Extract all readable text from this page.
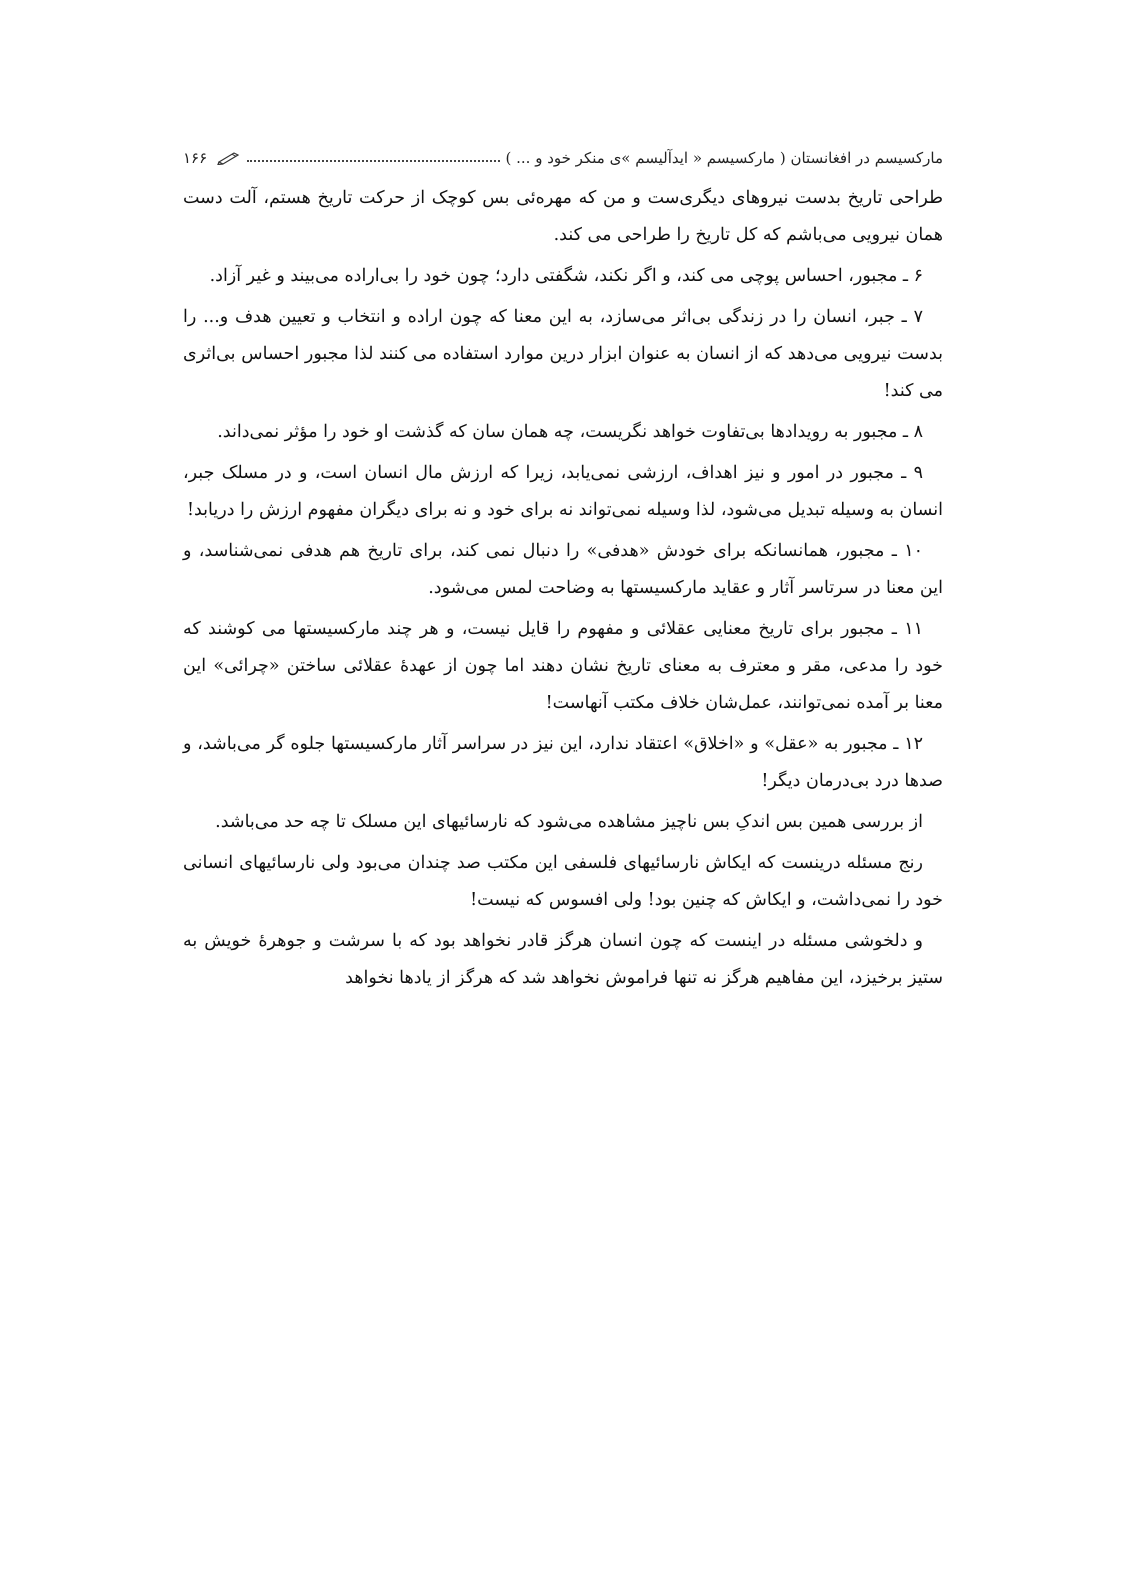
مارکسیسم در افغانستان ( مارکسیسم « ایدآلیسم »ی منکر خود و ... )
۱۶۶

طراحی تاریخ بدست نیروهای دیگری‌ست و من که مهره‌ئی بس کوچک از حرکت تاریخ هستم، آلت دست همان نیرویی می‌باشم که کل تاریخ را طراحی می کند.

۶ ـ مجبور، احساس پوچی می کند، و اگر نکند، شگفتی دارد؛ چون خود را بی‌اراده می‌بیند و غیر آزاد.

۷ ـ جبر، انسان را در زندگی بی‌اثر می‌سازد، به این معنا که چون اراده و انتخاب و تعیین هدف و... را بدست نیرویی می‌دهد که از انسان به عنوان ابزار درین موارد استفاده می کنند لذا مجبور احساس بی‌اثری می کند!

۸ ـ مجبور به رویدادها بی‌تفاوت خواهد نگریست، چه همان سان که گذشت او خود را مؤثر نمی‌داند.

۹ ـ مجبور در امور و نیز اهداف، ارزشی نمی‌یابد، زیرا که ارزش مال انسان است، و در مسلک جبر، انسان به وسیله تبدیل می‌شود، لذا وسیله نمی‌تواند نه برای خود و نه برای دیگران مفهوم ارزش را دریابد!

۱۰ ـ مجبور، همانسانکه برای خودش «هدفی» را دنبال نمی کند، برای تاریخ هم هدفی نمی‌شناسد، و این معنا در سرتاسر آثار و عقاید مارکسیستها به وضاحت لمس می‌شود.

۱۱ ـ مجبور برای تاریخ معنایی عقلائی و مفهوم را قایل نیست، و هر چند مارکسیستها می کوشند که خود را مدعی، مقر و معترف به معنای تاریخ نشان دهند اما چون از عهدهٔ عقلائی ساختن «چرائی» این معنا بر آمده نمی‌توانند، عمل‌شان خلاف مکتب آنهاست!

۱۲ ـ مجبور به «عقل» و «اخلاق» اعتقاد ندارد، این نیز در سراسر آثار مارکسیستها جلوه گر می‌باشد، و صدها درد بی‌درمان دیگر!

از بررسی همین بس اندکِ بس ناچیز مشاهده می‌شود که نارسائیهای این مسلک تا چه حد می‌باشد.

رنج مسئله درینست که ایکاش نارسائیهای فلسفی این مکتب صد چندان می‌بود ولی نارسائیهای انسانی خود را نمی‌داشت، و ایکاش که چنین بود! ولی افسوس که نیست!

و دلخوشی مسئله در اینست که چون انسان هرگز قادر نخواهد بود که با سرشت و جوهرهٔ خویش به ستیز برخیزد، این مفاهیم هرگز نه تنها فراموش نخواهد شد که هرگز از یادها نخواهد
